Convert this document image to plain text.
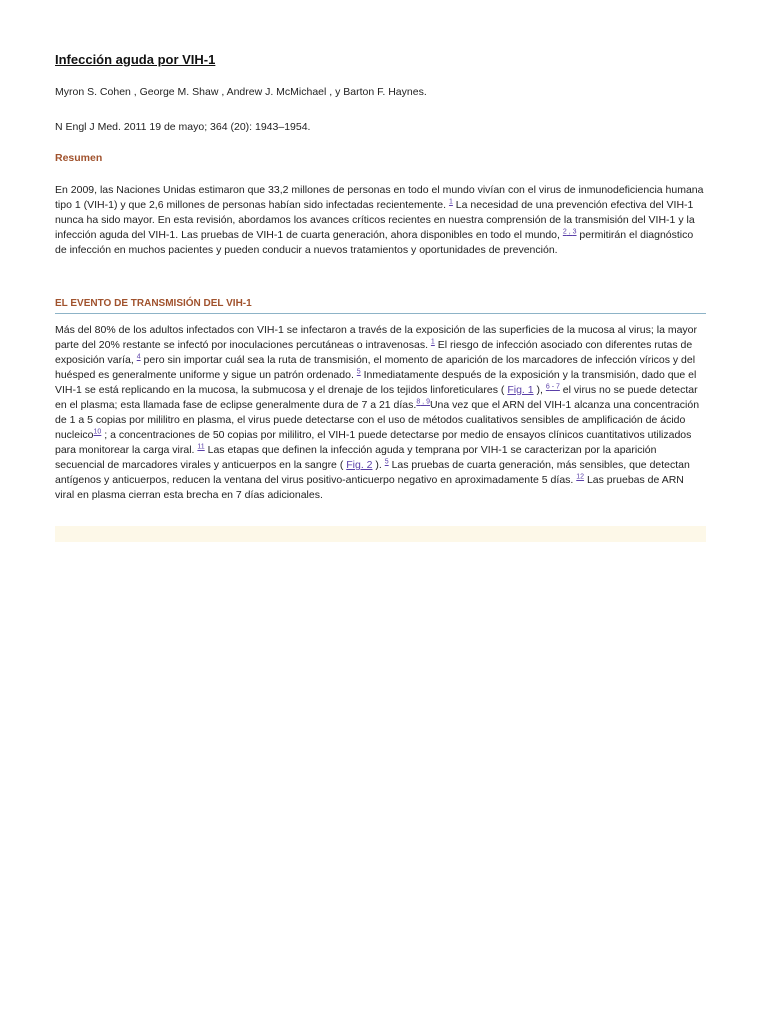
Infección aguda por VIH-1

Myron S. Cohen , George M. Shaw , Andrew J. McMichael , y Barton F. Haynes.

N Engl J Med. 2011 19 de mayo; 364 (20): 1943–1954.

Resumen

En 2009, las Naciones Unidas estimaron que 33,2 millones de personas en todo el mundo vivían con el virus de inmunodeficiencia humana tipo 1 (VIH-1) y que 2,6 millones de personas habían sido infectadas recientemente. $^1$ La necesidad de una prevención efectiva del VIH-1 nunca ha sido mayor. En esta revisión, abordamos los avances críticos recientes en nuestra comprensión de la transmisión del VIH-1 y la infección aguda del VIH-1. Las pruebas de VIH-1 de cuarta generación, ahora disponibles en todo el mundo, $^2$ , $^3$ permitirán el diagnóstico de infección en muchos pacientes y pueden conducir a nuevos tratamientos y oportunidades de prevención.

EL EVENTO DE TRANSMISIÓN DEL VIH-1

Más del 80% de los adultos infectados con VIH-1 se infectaron a través de la exposición de las superficies de la mucosa al virus; la mayor parte del 20% restante se infectó por inoculaciones percutáneas o intravenosas. $^1$ El riesgo de infección asociado con diferentes rutas de exposición varía, $^4$ pero sin importar cuál sea la ruta de transmisión, el momento de aparición de los marcadores de infección víricos y del huésped es generalmente uniforme y sigue un patrón ordenado. $^5$ Inmediatamente después de la exposición y la transmisión, dado que el VIH-1 se está replicando en la mucosa, la submucosa y el drenaje de los tejidos linforeticulares ( Fig. 1 ), $^6$ - $^7$ el virus no se puede detectar en el plasma; esta llamada fase de eclipse generalmente dura de 7 a 21 días.$^8$ , $^9$Una vez que el ARN del VIH-1 alcanza una concentración de 1 a 5 copias por mililitro en plasma, el virus puede detectarse con el uso de métodos cualitativos sensibles de amplificación de ácido nucleico$^{10}$ ; a concentraciones de 50 copias por mililitro, el VIH-1 puede detectarse por medio de ensayos clínicos cuantitativos utilizados para monitorear la carga viral. $^{11}$ Las etapas que definen la infección aguda y temprana por VIH-1 se caracterizan por la aparición secuencial de marcadores virales y anticuerpos en la sangre ( Fig. 2 ). $^5$ Las pruebas de cuarta generación, más sensibles, que detectan antígenos y anticuerpos, reducen la ventana del virus positivo-anticuerpo negativo en aproximadamente 5 días. $^{12}$ Las pruebas de ARN viral en plasma cierran esta brecha en 7 días adicionales.
